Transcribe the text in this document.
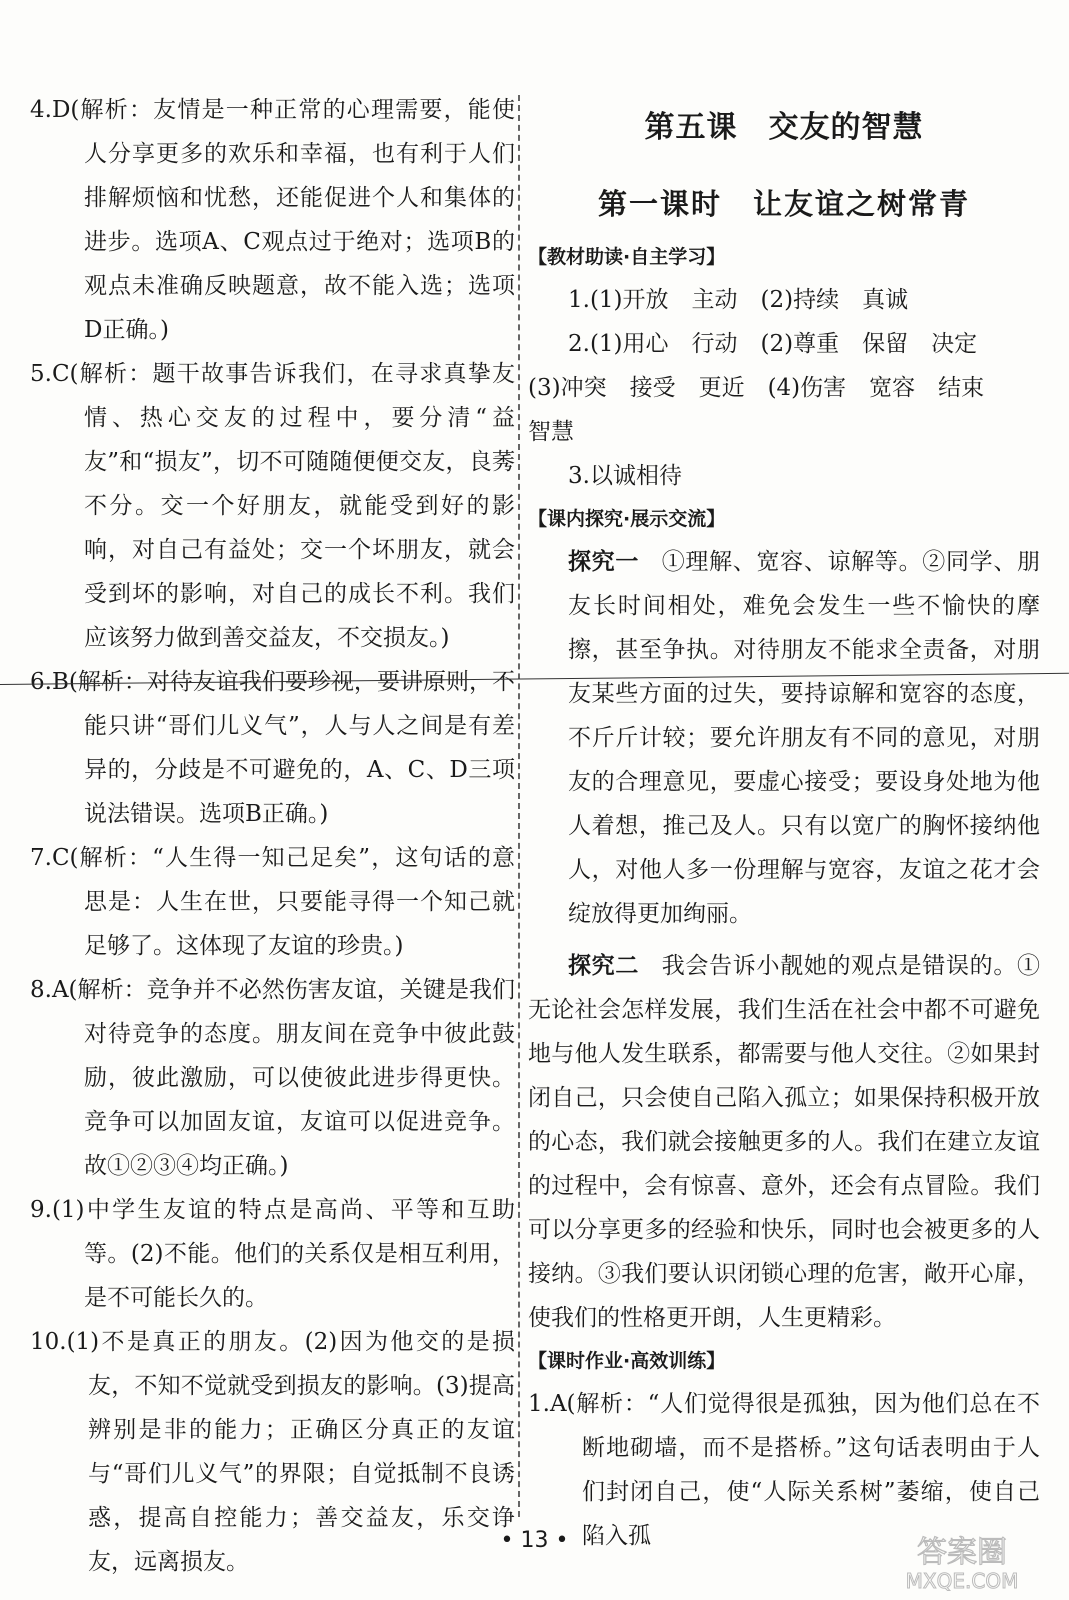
4.D(解析：友情是一种正常的心理需要，能使人分享更多的欢乐和幸福，也有利于人们排解烦恼和忧愁，还能促进个人和集体的进步。选项A、C观点过于绝对；选项B的观点未准确反映题意，故不能入选；选项D正确。)

5.C(解析：题干故事告诉我们，在寻求真挚友情、热心交友的过程中，要分清“益友”和“损友”，切不可随随便便交友，良莠不分。交一个好朋友，就能受到好的影响，对自己有益处；交一个坏朋友，就会受到坏的影响，对自己的成长不利。我们应该努力做到善交益友，不交损友。)

6.B(解析：对待友谊我们要珍视，要讲原则，不能只讲“哥们儿义气”，人与人之间是有差异的，分歧是不可避免的，A、C、D三项说法错误。选项B正确。)

7.C(解析：“人生得一知己足矣”，这句话的意思是：人生在世，只要能寻得一个知己就足够了。这体现了友谊的珍贵。)

8.A(解析：竞争并不必然伤害友谊，关键是我们对待竞争的态度。朋友间在竞争中彼此鼓励，彼此激励，可以使彼此进步得更快。竞争可以加固友谊，友谊可以促进竞争。故①②③④均正确。)

9.(1)中学生友谊的特点是高尚、平等和互助等。(2)不能。他们的关系仅是相互利用，是不可能长久的。

10.(1)不是真正的朋友。(2)因为他交的是损友，不知不觉就受到损友的影响。(3)提高辨别是非的能力；正确区分真正的友谊与“哥们儿义气”的界限；自觉抵制不良诱惑，提高自控能力；善交益友，乐交诤友，远离损友。

第五课　交友的智慧
第一课时　让友谊之树常青

【教材助读·自主学习】

1.(1)开放　主动　(2)持续　真诚

2.(1)用心　行动　(2)尊重　保留　决定

(3)冲突　接受　更近　(4)伤害　宽容　结束

智慧

3.以诚相待

【课内探究·展示交流】

探究一 ①理解、宽容、谅解等。②同学、朋友长时间相处，难免会发生一些不愉快的摩擦，甚至争执。对待朋友不能求全责备，对朋友某些方面的过失，要持谅解和宽容的态度，不斤斤计较；要允许朋友有不同的意见，对朋友的合理意见，要虚心接受；要设身处地为他人着想，推己及人。只有以宽广的胸怀接纳他人，对他人多一份理解与宽容，友谊之花才会绽放得更加绚丽。

探究二 我会告诉小靓她的观点是错误的。①无论社会怎样发展，我们生活在社会中都不可避免地与他人发生联系，都需要与他人交往。②如果封闭自己，只会使自己陷入孤立；如果保持积极开放的心态，我们就会接触更多的人。我们在建立友谊的过程中，会有惊喜、意外，还会有点冒险。我们可以分享更多的经验和快乐，同时也会被更多的人接纳。③我们要认识闭锁心理的危害，敞开心扉，使我们的性格更开朗，人生更精彩。

【课时作业·高效训练】

1.A(解析：“人们觉得很是孤独，因为他们总在不断地砌墙，而不是搭桥。”这句话表明由于人们封闭自己，使“人际关系树”萎缩，使自己陷入孤

• 13 •	答案圈
MXQE.COM
